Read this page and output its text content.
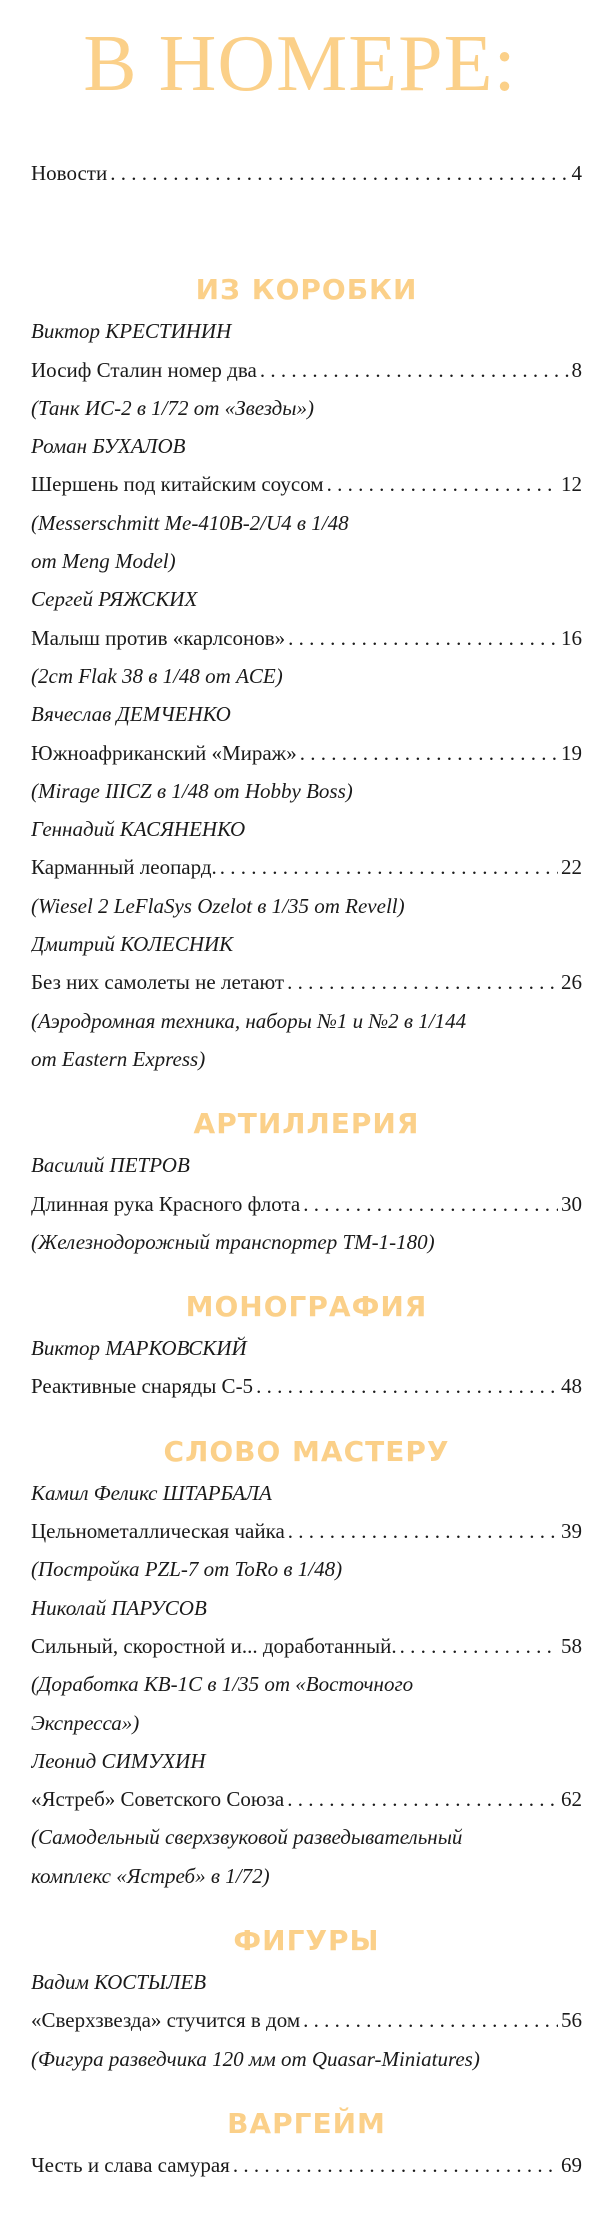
В НОМЕРЕ:
Новости . . .	4
ИЗ КОРОБКИ
Виктор КРЕСТИНИН
Иосиф Сталин номер два . . .	8
(Танк ИС-2 в 1/72 от «Звезды»)
Роман БУХАЛОВ
Шершень под китайским соусом . . .	12
(Messerschmitt Me-410B-2/U4 в 1/48
от Meng Model)
Сергей РЯЖСКИХ
Малыш против «карлсонов» . . .	16
(2cm Flak 38 в 1/48 от ACE)
Вячеслав ДЕМЧЕНКО
Южноафриканский «Мираж» . . .	19
(Mirage IIICZ в 1/48 от Hobby Boss)
Геннадий КАСЯНЕНКО
Карманный леопард. . . .	22
(Wiesel 2 LeFlaSys Ozelot в 1/35 от Revell)
Дмитрий КОЛЕСНИК
Без них самолеты не летают . . .	26
(Аэродромная техника, наборы №1 и №2 в 1/144
от Eastern Express)
АРТИЛЛЕРИЯ
Василий ПЕТРОВ
Длинная рука Красного флота . . .	30
(Железнодорожный транспортер ТМ-1-180)
МОНОГРАФИЯ
Виктор МАРКОВСКИЙ
Реактивные снаряды С-5 . . .	48
СЛОВО МАСТЕРУ
Камил Феликс ШТАРБАЛА
Цельнометаллическая чайка . . .	39
(Постройка PZL-7 от ToRo в 1/48)
Николай ПАРУСОВ
Сильный, скоростной и... доработанный. . . .	58
(Доработка КВ-1С в 1/35 от «Восточного
Экспресса»)
Леонид СИМУХИН
«Ястреб» Советского Союза . . .	62
(Самодельный сверхзвуковой разведывательный
комплекс «Ястреб» в 1/72)
ФИГУРЫ
Вадим КОСТЫЛЕВ
«Сверхзвезда» стучится в дом . . .	56
(Фигура разведчика 120 мм от Quasar-Miniatures)
ВАРГЕЙМ
Честь и слава самурая . . .	69
